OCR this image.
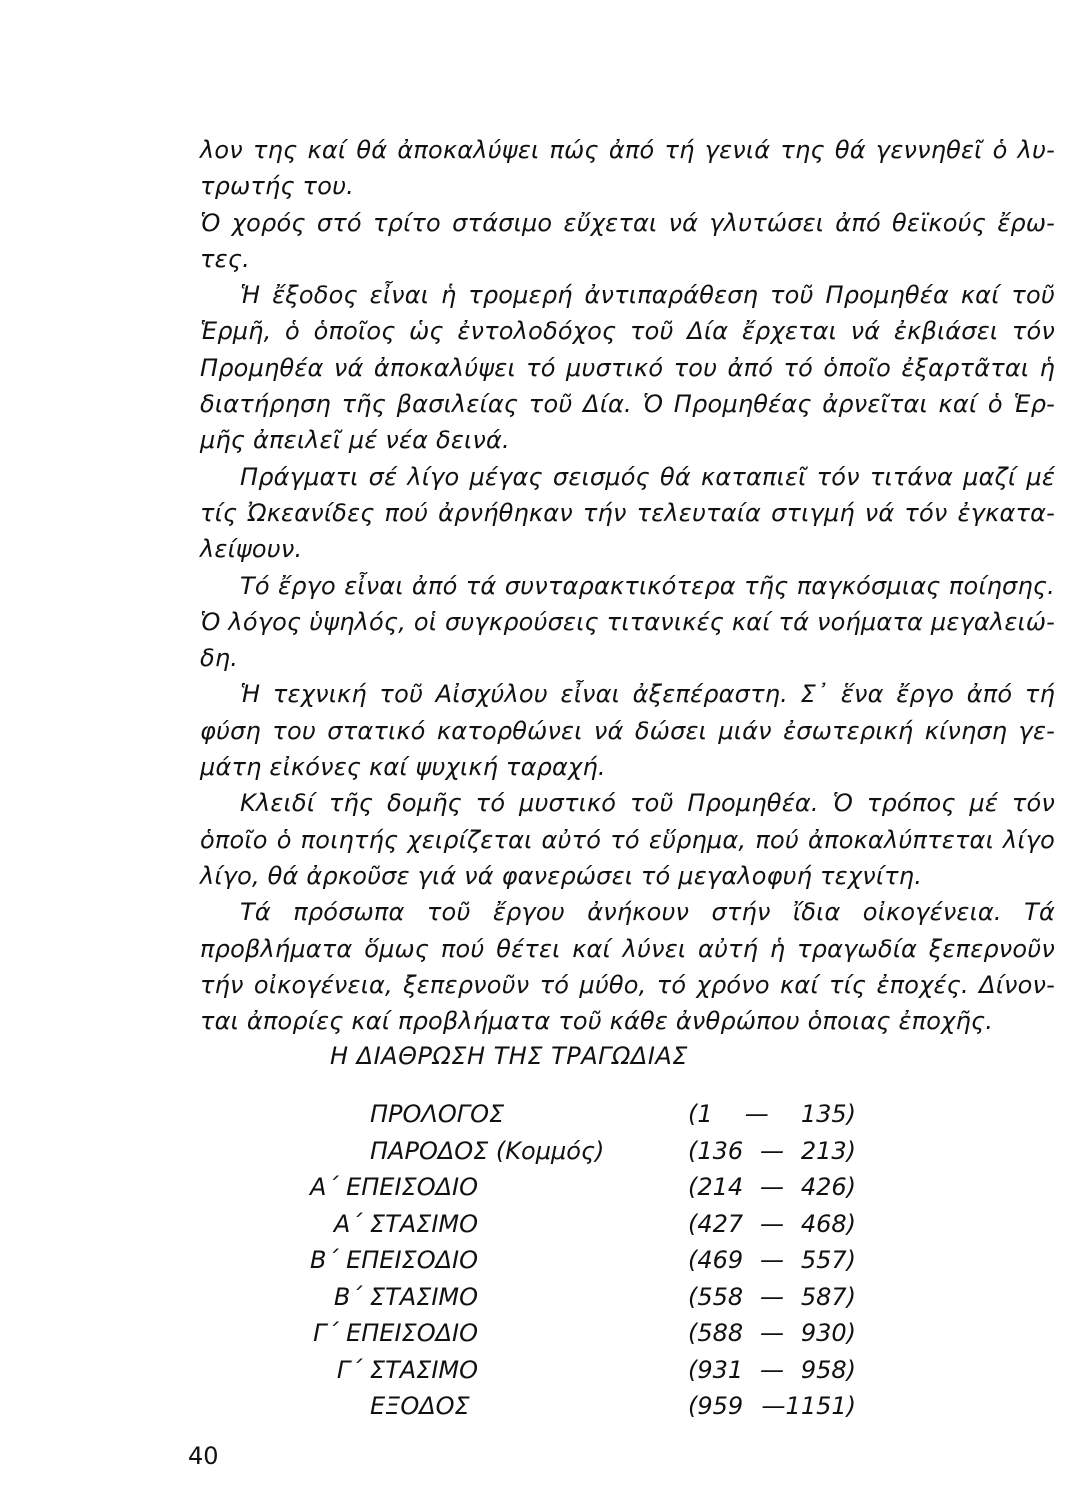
λον της καί θά ἀποκαλύψει πώς ἀπό τή γενιά της θά γεννηθεῖ ὁ λυ-
τρωτής του.
Ὁ χορός στό τρίτο στάσιμο εὔχεται νά γλυτώσει ἀπό θεϊκούς ἔρω-
τες.
Ἡ ἔξοδος εἶναι ἡ τρομερή ἀντιπαράθεση τοῦ Προμηθέα καί τοῦ
Ἑρμῆ, ὁ ὁποῖος ὡς ἐντολοδόχος τοῦ Δία ἔρχεται νά ἐκβιάσει τόν
Προμηθέα νά ἀποκαλύψει τό μυστικό του ἀπό τό ὁποῖο ἐξαρτᾶται ἡ
διατήρηση τῆς βασιλείας τοῦ Δία. Ὁ Προμηθέας ἀρνεῖται καί ὁ Ἑρ-
μῆς ἀπειλεῖ μέ νέα δεινά.
Πράγματι σέ λίγο μέγας σεισμός θά καταπιεῖ τόν τιτάνα μαζί μέ
τίς Ὠκεανίδες πού ἀρνήθηκαν τήν τελευταία στιγμή νά τόν ἐγκατα-
λείψουν.
Τό ἔργο εἶναι ἀπό τά συνταρακτικότερα τῆς παγκόσμιας ποίησης.
Ὁ λόγος ὑψηλός, οἱ συγκρούσεις τιτανικές καί τά νοήματα μεγαλειώ-
δη.
Ἡ τεχνική τοῦ Αἰσχύλου εἶναι ἀξεπέραστη. Σ᾽ ἕνα ἔργο ἀπό τή
φύση του στατικό κατορθώνει νά δώσει μιάν ἐσωτερική κίνηση γε-
μάτη εἰκόνες καί ψυχική ταραχή.
Κλειδί τῆς δομῆς τό μυστικό τοῦ Προμηθέα. Ὁ τρόπος μέ τόν
ὁποῖο ὁ ποιητής χειρίζεται αὐτό τό εὕρημα, πού ἀποκαλύπτεται λίγο
λίγο, θά ἀρκοῦσε γιά νά φανερώσει τό μεγαλοφυή τεχνίτη.
Τά πρόσωπα τοῦ ἔργου ἀνήκουν στήν ἴδια οἰκογένεια. Τά
προβλήματα ὅμως πού θέτει καί λύνει αὐτή ἡ τραγωδία ξεπερνοῦν
τήν οἰκογένεια, ξεπερνοῦν τό μύθο, τό χρόνο καί τίς ἐποχές. Δίνον-
ται ἀπορίες καί προβλήματα τοῦ κάθε ἀνθρώπου ὁποιας ἐποχῆς.
Η ΔΙΑΘΡΩΣΗ ΤΗΣ ΤΡΑΓΩΔΙΑΣ
ΠΡΟΛΟΓΟΣ	(1 — 135)
ΠΑΡΟΔΟΣ (Κομμός)	(136 — 213)
Α΄ ΕΠΕΙΣΟΔΙΟ	(214 — 426)
Α΄ ΣΤΑΣΙΜΟ	(427 — 468)
Β΄ ΕΠΕΙΣΟΔΙΟ	(469 — 557)
Β΄ ΣΤΑΣΙΜΟ	(558 — 587)
Γ΄ ΕΠΕΙΣΟΔΙΟ	(588 — 930)
Γ΄ ΣΤΑΣΙΜΟ	(931 — 958)
ΕΞΟΔΟΣ	(959 —1151)
40
